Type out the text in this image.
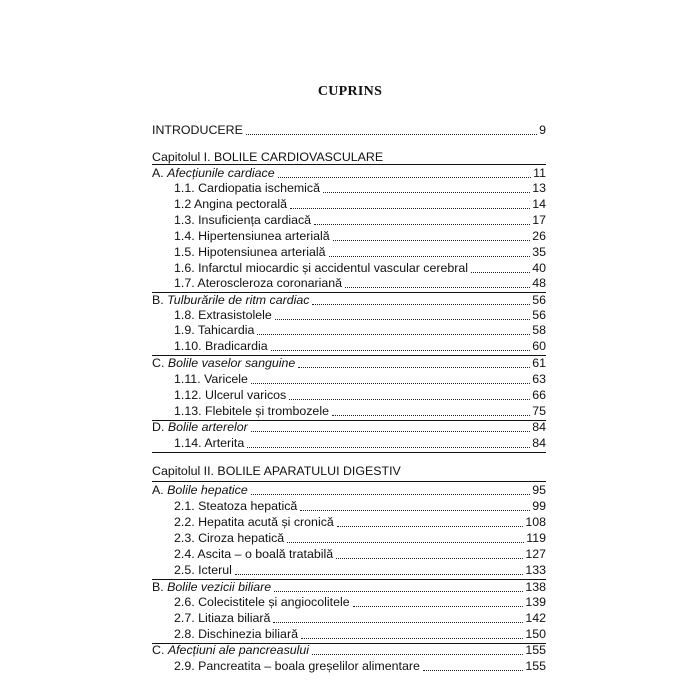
CUPRINS
INTRODUCERE	9
Capitolul I. BOLILE CARDIOVASCULARE
A. Afecțiunile cardiace	11
1.1. Cardiopatia ischemică	13
1.2 Angina pectorală	14
1.3. Insuficiența cardiacă	17
1.4. Hipertensiunea arterială	26
1.5. Hipotensiunea arterială	35
1.6. Infarctul miocardic și accidentul vascular cerebral	40
1.7. Ateroscleroza coronariană	48
B. Tulburările de ritm cardiac	56
1.8. Extrasistolele	56
1.9. Tahicardia	58
1.10. Bradicardia	60
C. Bolile vaselor sanguine	61
1.11. Varicele	63
1.12. Ulcerul varicos	66
1.13. Flebitele și trombozele	75
D. Bolile arterelor	84
1.14. Arterita	84
Capitolul II. BOLILE APARATULUI DIGESTIV
A. Bolile hepatice	95
2.1. Steatoza hepatică	99
2.2. Hepatita acută și cronică	108
2.3. Ciroza hepatică	119
2.4. Ascita – o boală tratabilă	127
2.5. Icterul	133
B. Bolile vezicii biliare	138
2.6. Colecistitele și angiocolitele	139
2.7. Litiaza biliară	142
2.8. Dischinezia biliară	150
C. Afecțiuni ale pancreasului	155
2.9. Pancreatita – boala greșelilor alimentare	155
